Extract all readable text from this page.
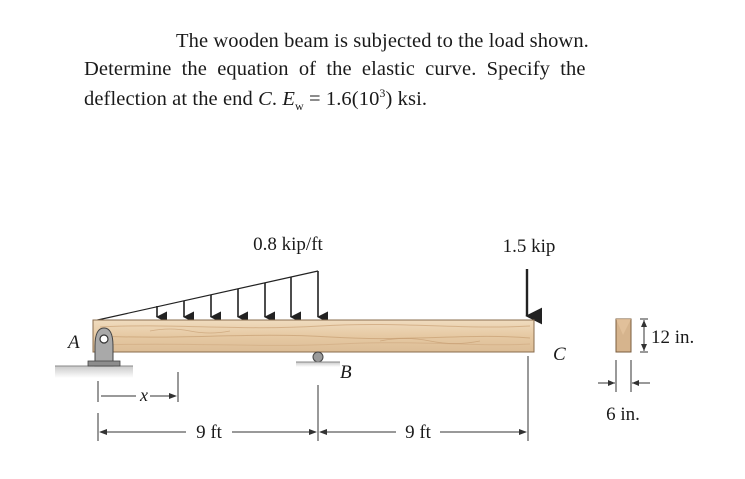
The wooden beam is subjected to the load shown.
Determine the equation of the elastic curve. Specify the
deflection at the end C. $E_w = 1.6(10^3)$ ksi.
0.8 kip/ft	1.5 kip
A
B
C
x
9 ft	9 ft
12 in.
6 in.
